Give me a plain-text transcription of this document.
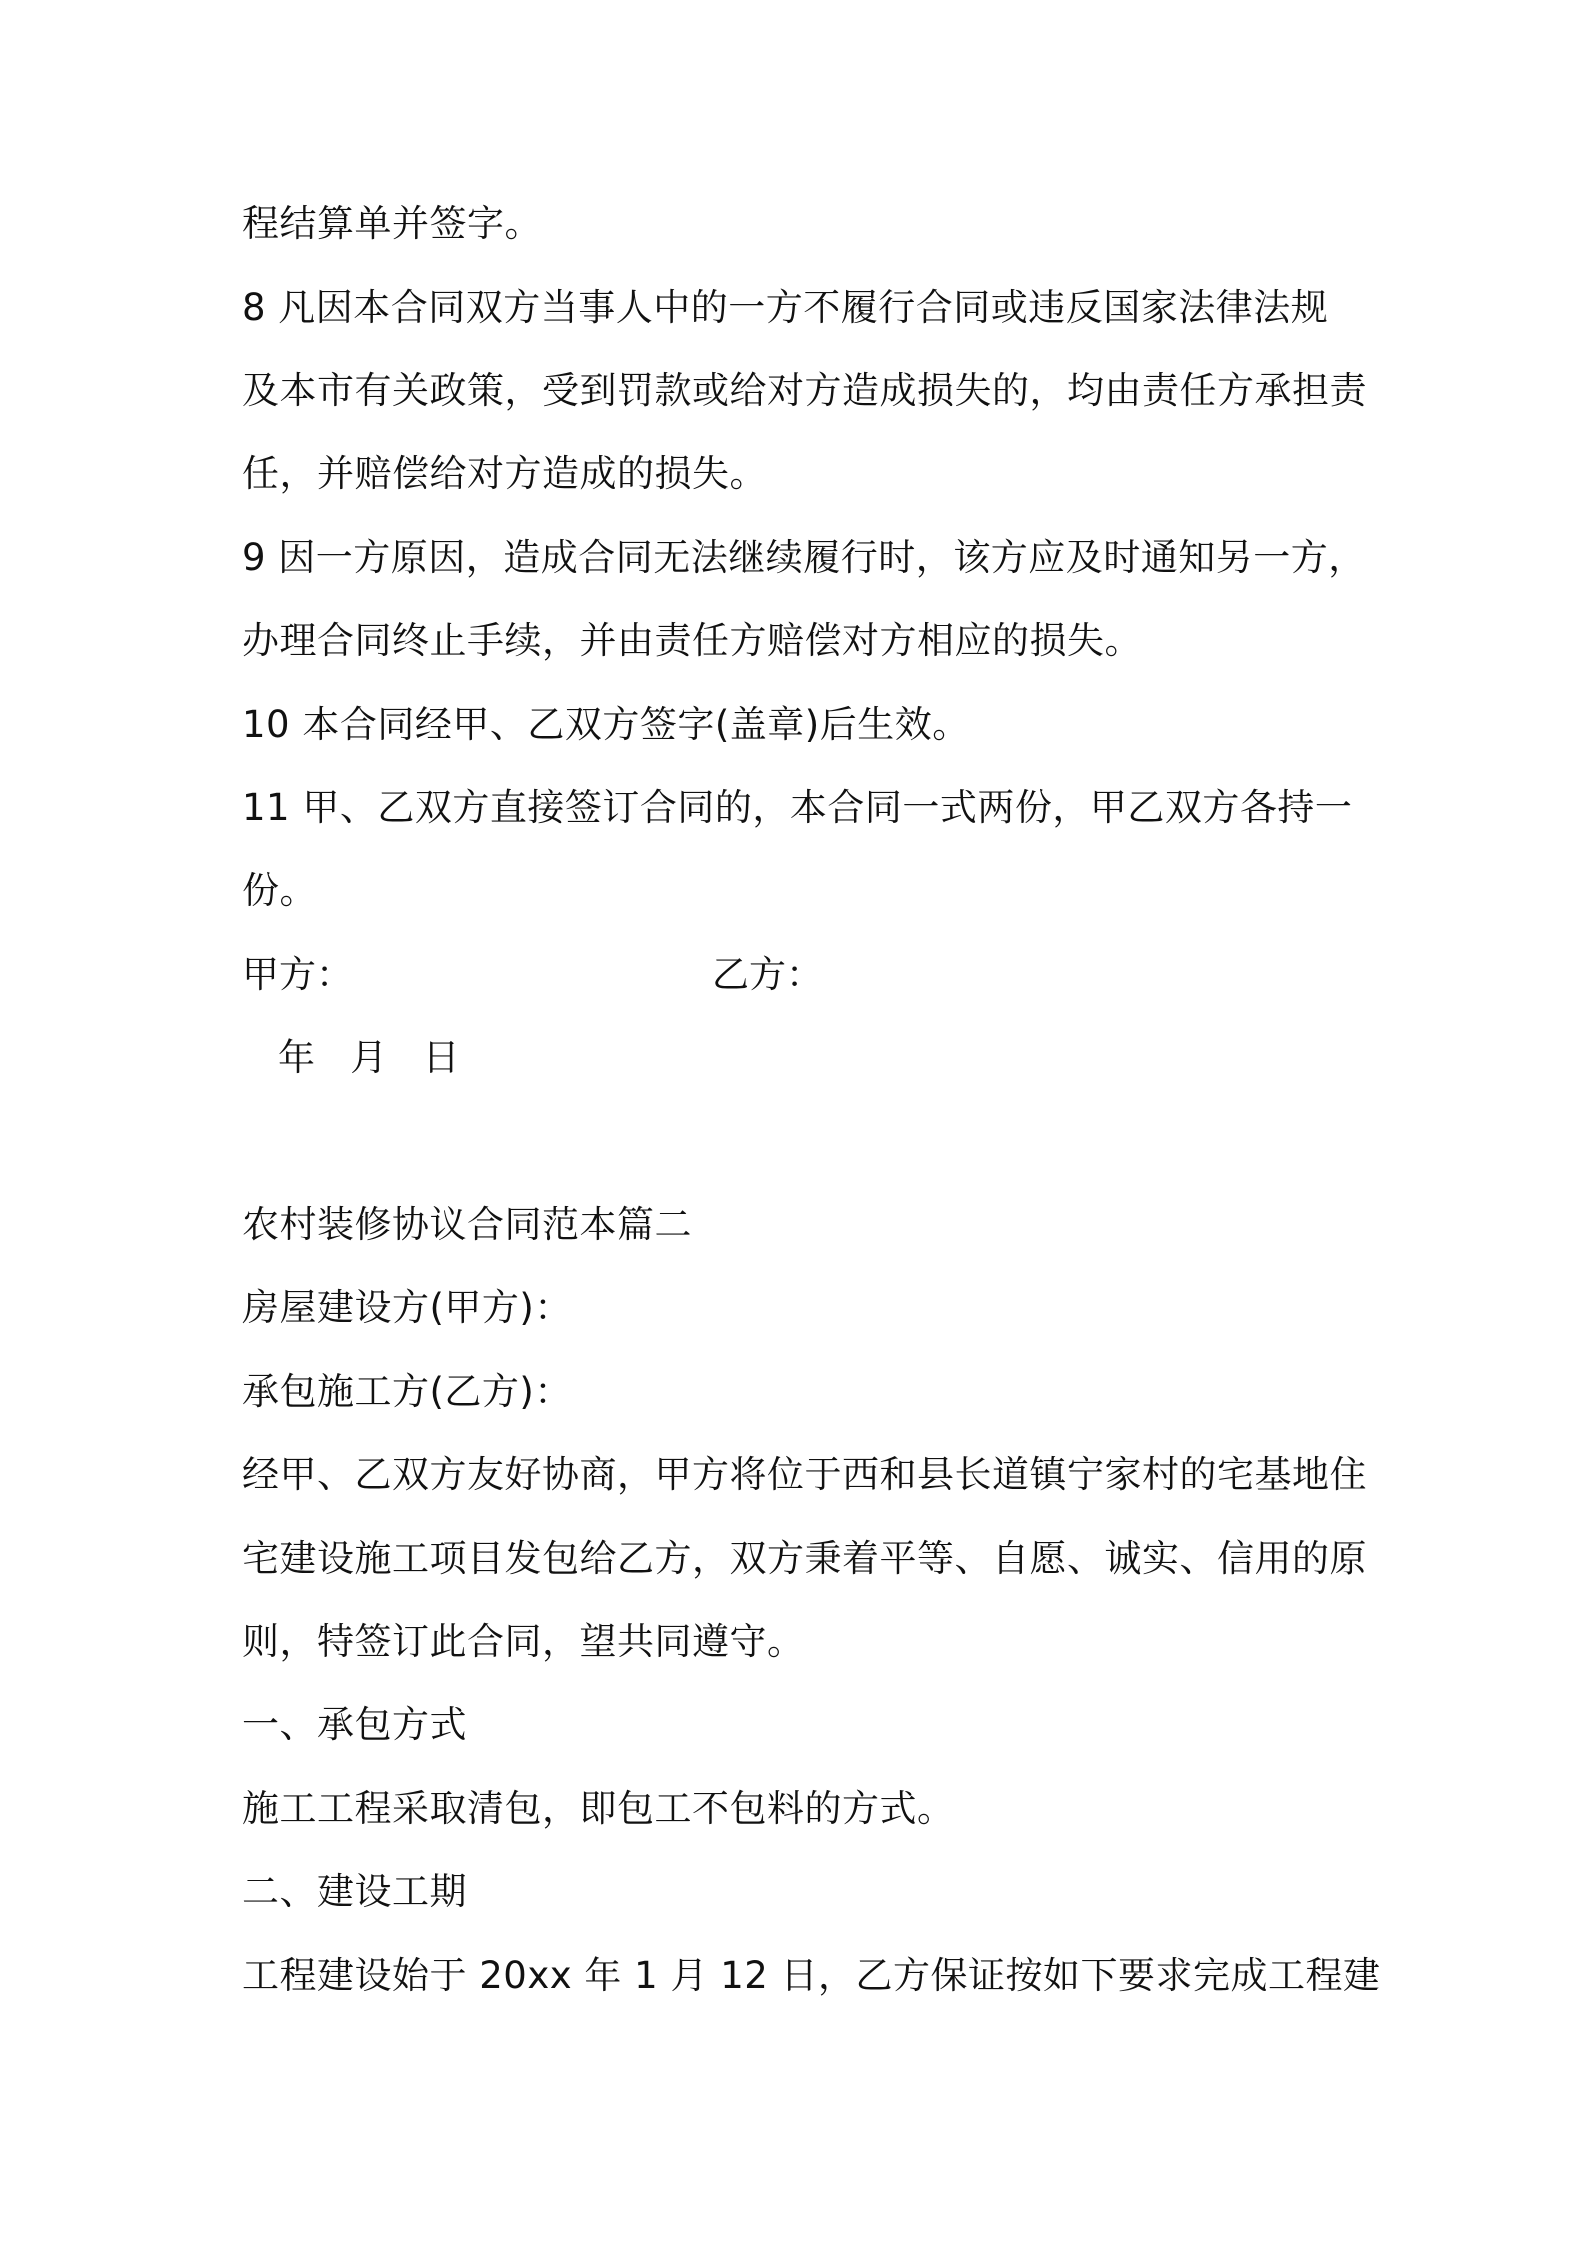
程结算单并签字。
8 凡因本合同双方当事人中的一方不履行合同或违反国家法律法规
及本市有关政策，受到罚款或给对方造成损失的，均由责任方承担责
任，并赔偿给对方造成的损失。
9 因一方原因，造成合同无法继续履行时，该方应及时通知另一方，
办理合同终止手续，并由责任方赔偿对方相应的损失。
10 本合同经甲、乙双方签字(盖章)后生效。
11 甲、乙双方直接签订合同的，本合同一式两份，甲乙双方各持一
份。
甲方：	乙方：
年   月   日
农村装修协议合同范本篇二
房屋建设方(甲方)：
承包施工方(乙方)：
经甲、乙双方友好协商，甲方将位于西和县长道镇宁家村的宅基地住
宅建设施工项目发包给乙方，双方秉着平等、自愿、诚实、信用的原
则，特签订此合同，望共同遵守。
一、承包方式
施工工程采取清包，即包工不包料的方式。
二、建设工期
工程建设始于 20xx 年 1 月 12 日，乙方保证按如下要求完成工程建
